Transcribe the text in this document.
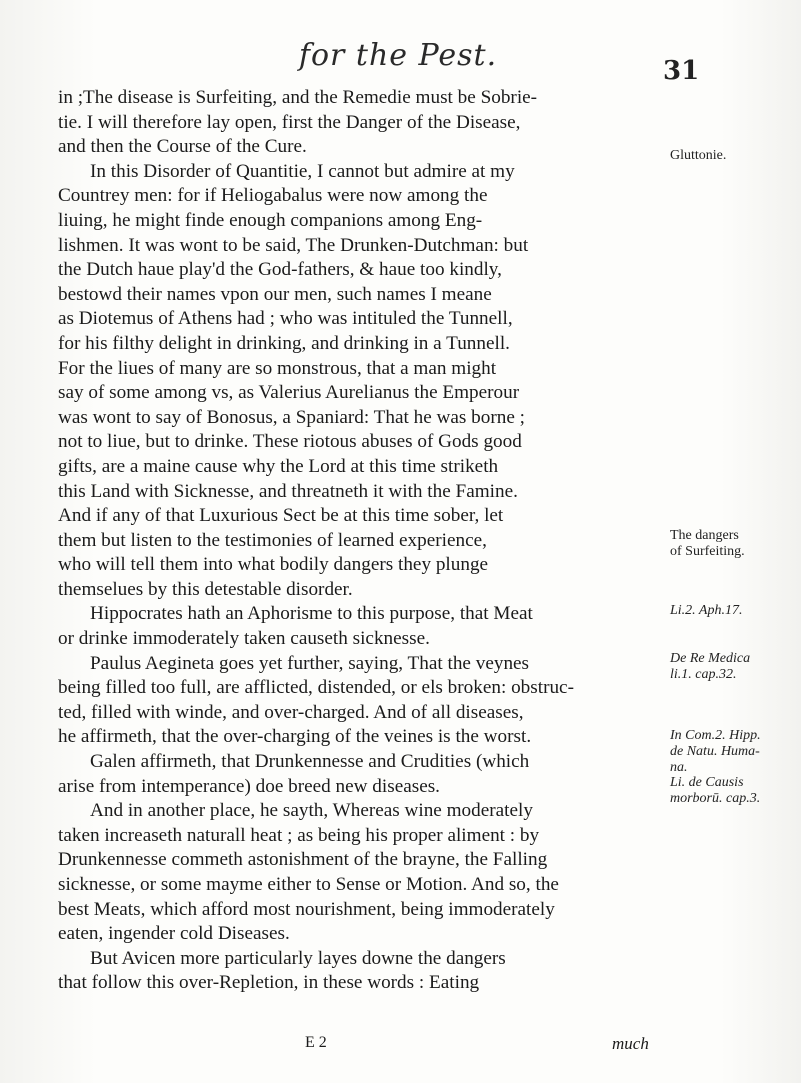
for the Pest.	31
in ;The disease is Surfeiting, and the Remedie must be Sobrie-
tie. I will therefore lay open, first the Danger of the Disease,
and then the Course of the Cure.
In this Disorder of Quantitie, I cannot but admire at my
Countrey men: for if Heliogabalus were now among the
liuing, he might finde enough companions among Eng-
lishmen. It was wont to be said, The Drunken-Dutchman: but
the Dutch haue play'd the God-fathers, & haue too kindly,
bestowd their names vpon our men, such names I meane
as Diotemus of Athens had ; who was intituled the Tunnell,
for his filthy delight in drinking, and drinking in a Tunnell.
For the liues of many are so monstrous, that a man might
say of some among vs, as Valerius Aurelianus the Emperour
was wont to say of Bonosus, a Spaniard: That he was borne ;
not to liue, but to drinke. These riotous abuses of Gods good
gifts, are a maine cause why the Lord at this time striketh
this Land with Sicknesse, and threatneth it with the Famine.
And if any of that Luxurious Sect be at this time sober, let
them but listen to the testimonies of learned experience,
who will tell them into what bodily dangers they plunge
themselues by this detestable disorder.
Hippocrates hath an Aphorisme to this purpose, that Meat
or drinke immoderately taken causeth sicknesse.
Paulus Aegineta goes yet further, saying, That the veynes
being filled too full, are afflicted, distended, or els broken: obstruc-
ted, filled with winde, and over-charged. And of all diseases,
he affirmeth, that the over-charging of the veines is the worst.
Galen affirmeth, that Drunkennesse and Crudities (which
arise from intemperance) doe breed new diseases.
And in another place, he sayth, Whereas wine moderately
taken increaseth naturall heat ; as being his proper aliment : by
Drunkennesse commeth astonishment of the brayne, the Falling
sicknesse, or some mayme either to Sense or Motion. And so, the
best Meats, which afford most nourishment, being immoderately
eaten, ingender cold Diseases.
But Avicen more particularly layes downe the dangers
that follow this over-Repletion, in these words : Eating
Gluttonie.
The dangers
of Surfeiting.
Li.2. Aph.17.
De Re Medica
li.1. cap.32.
In Com.2. Hipp.
de Natu. Huma-
na.
Li. de Causis
morborū. cap.3.
E 2	much
